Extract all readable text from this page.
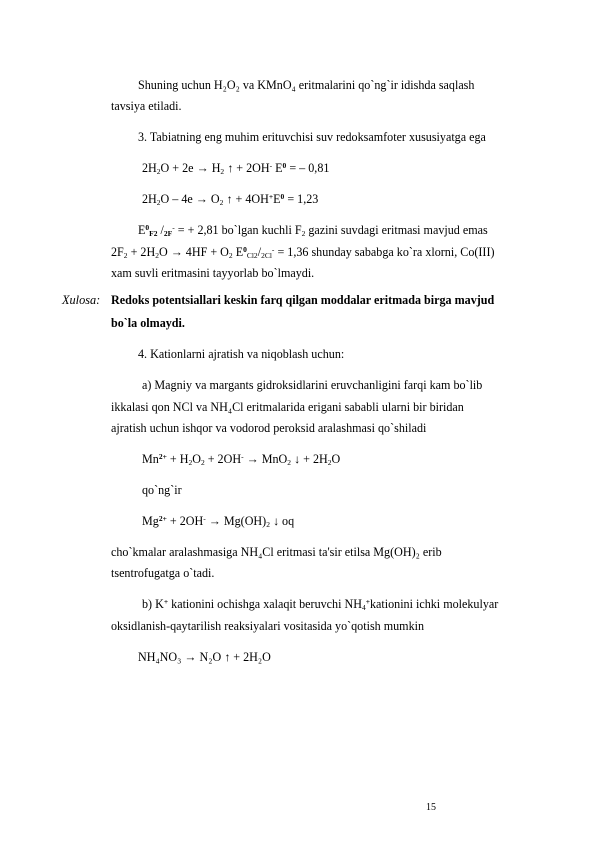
Shuning uchun H₂O₂ va KMnO₄ eritmalarini qo`ng`ir idishda saqlash
tavsiya etiladi.
3. Tabiatning eng muhim erituvchisi suv redoksamfoter xususiyatga ega
$2H_2O + 2e \to H_2$ ↑ + 2OH- $E^0$ = – 0,81
$2H_2O - 4e \to O_2$ ↑ + $4OH^+E^0 = 1,23$
$E^0_{F2}$ $/_{2F}^-$ = + 2,81 bo`lgan kuchli $F_2$ gazini suvdagi eritmasi mavjud emas
$2F_2 + 2H_2O \to 4HF + O_2$ $E^0_{Cl2}/_{2Cl}^- = 1,36$ shunday sababga ko`ra xlorni, Co(III)
xam suvli eritmasini tayyorlab bo`lmaydi.
Xulosa: Redoks potentsiallari keskin farq qilgan moddalar eritmada birga mavjud
bo`la olmaydi.
4. Kationlarni ajratish va niqoblash uchun:
a) Magniy va margants gidroksidlarini eruvchanligini farqi kam bo`lib
ikkalasi qon NCl va NH₄Cl eritmalarida erigani sababli ularni bir biridan
ajratish uchun ishqor va vodorod peroksid aralashmasi qo`shiladi
$Mn^{2+} + H_2O_2 + 2OH^- \to MnO_2$ ↓ + $2H_2O$
qo`ng`ir
$Mg^{2+} + 2OH^- \to Mg(OH)_2$ ↓ oq
cho`kmalar aralashmasiga NH₄Cl eritmasi ta'sir etilsa Mg(OH)₂ erib
tsentrofugatga o`tadi.
b) K+ kationini ochishga xalaqit beruvchi $NH_4^+kationini$ ichki molekulyar
oksidlanish-qaytarilish reaksiyalari vositasida yo`qotish mumkin
NH₄NO₃ → N₂O ↑ + 2H₂O
15
